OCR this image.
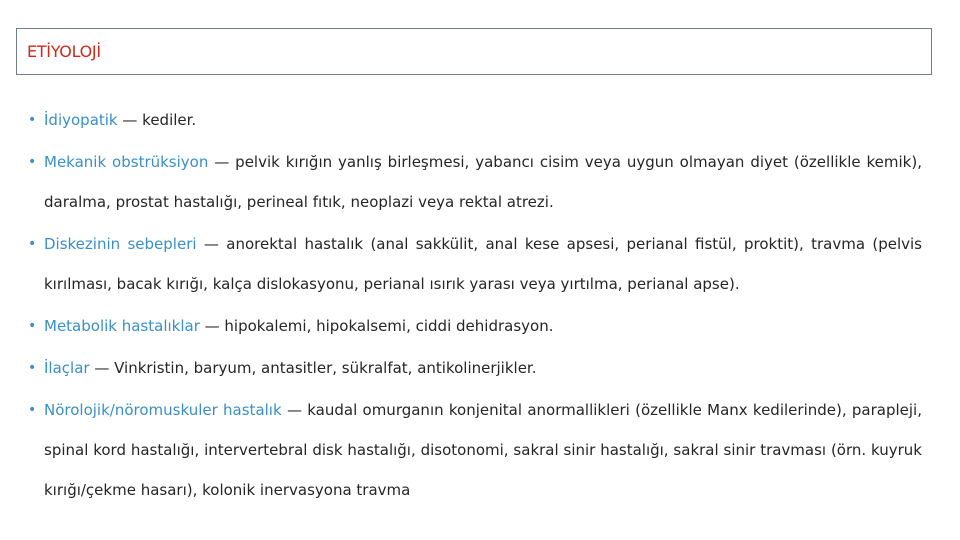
ETİYOLOJİ
• İdiyopatik — kediler.
• Mekanik obstrüksiyon — pelvik kırığın yanlış birleşmesi, yabancı cisim veya uygun olmayan diyet (özellikle kemik), daralma, prostat hastalığı, perineal fıtık, neoplazi veya rektal atrezi.
• Diskezinin sebepleri — anorektal hastalık (anal sakkülit, anal kese apsesi, perianal fistül, proktit), travma (pelvis kırılması, bacak kırığı, kalça dislokasyonu, perianal ısırık yarası veya yırtılma, perianal apse).
• Metabolik hastalıklar — hipokalemi, hipokalsemi, ciddi dehidrasyon.
• İlaçlar — Vinkristin, baryum, antasitler, sükralfat, antikolinerjikler.
• Nörolojik/nöromuskuler hastalık — kaudal omurganın konjenital anormallikleri (özellikle Manx kedilerinde), parapleji, spinal kord hastalığı, intervertebral disk hastalığı, disotonomi, sakral sinir hastalığı, sakral sinir travması (örn. kuyruk kırığı/çekme hasarı), kolonik inervasyona travma
